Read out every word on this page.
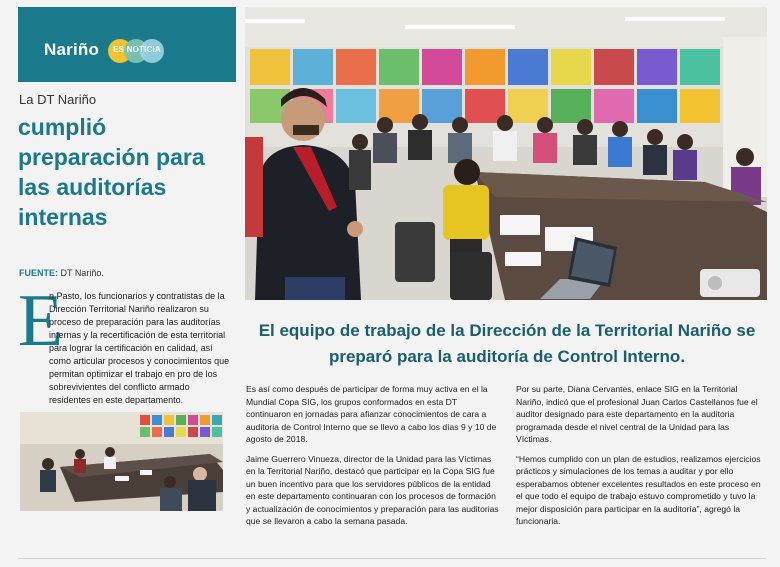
Nariño	ES NOTICIA
La DT Nariño
cumplió preparación para las auditorías internas
FUENTE: DT Nariño.
E
n Pasto, los funcionarios y contratistas de la Dirección Territorial Nariño realizaron su proceso de preparación para las auditorías internas y la recertificación de esta territorial para lograr la certificación en calidad, así como articular procesos y conocimientos que permitan optimizar el trabajo en pro de los sobrevivientes del conflicto armado residentes en este departamento.
El equipo de trabajo de la Dirección de la Territorial Nariño se preparó para la auditoría de Control Interno.

Es así como después de participar de forma muy activa en el la Mundial Copa SIG, los grupos conformados en esta DT continuaron en jornadas para afianzar conocimientos de cara a auditoria de Control Interno que se llevo a cabo los días 9 y 10 de agosto de 2018.

Jaime Guerrero Vinueza, director de la Unidad para las Víctimas en la Territorial Nariño, destacó que participar en la Copa SIG fue un buen incentivo para que los servidores públicos de la entidad en este departamento continuaran con los procesos de formación y actualización de conocimientos y preparación para las auditorias que se llevaron a cabo la semana pasada.

Por su parte, Diana Cervantes, enlace SIG en la Territorial Nariño, indicó que el profesional Juan Carlos Castellanos fue el auditor designado para este departamento en la auditoria programada desde el nivel central de la Unidad para las Víctimas.

“Hemos cumplido con un plan de estudios, realizamos ejercicios prácticos y simulaciones de los temas a auditar y por ello esperabamos obtener excelentes resultados en este proceso en el que todo el equipo de trabajo estuvo comprometido y tuvo la mejor disposición para participar en la auditoría”, agregó la funcionaria.
